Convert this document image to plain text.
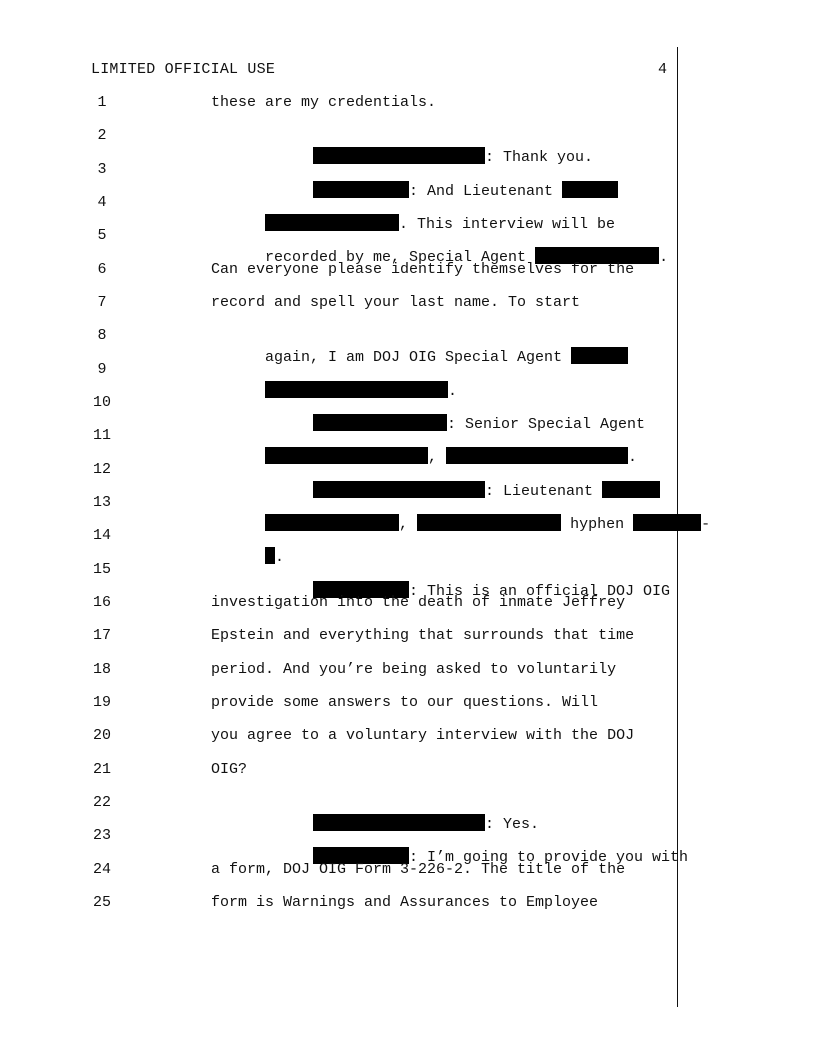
LIMITED OFFICIAL USE	4
1	these are my credentials.
2

: Thank you.

3

: And Lieutenant

4

. This interview will be

5

recorded by me, Special Agent	.

6	Can everyone please identify themselves for the
7	record and spell your last name. To start
8

again, I am DOJ OIG Special Agent

9

.

10

: Senior Special Agent

11

,	.

12

: Lieutenant

13

,	hyphen	-

14

.

15

: This is an official DOJ OIG

16	investigation into the death of inmate Jeffrey
17	Epstein and everything that surrounds that time
18	period. And you’re being asked to voluntarily
19	provide some answers to our questions. Will
20	you agree to a voluntary interview with the DOJ
21	OIG?
22

: Yes.

23

: I’m going to provide you with

24	a form, DOJ OIG Form 3-226-2. The title of the
25	form is Warnings and Assurances to Employee
